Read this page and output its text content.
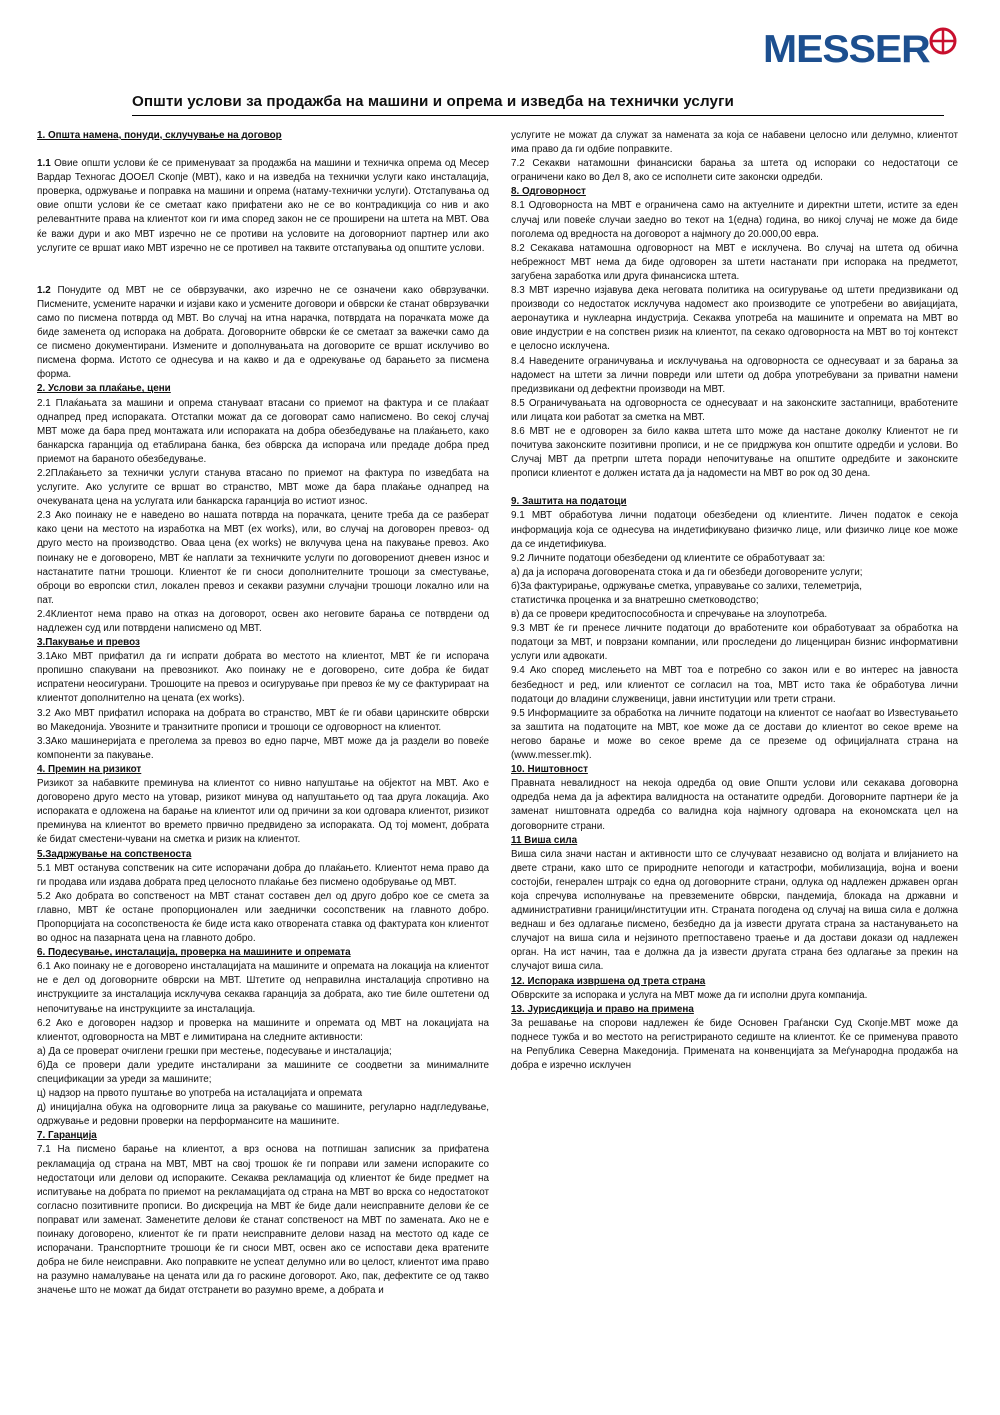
MESSER
Општи услови за продажба на машини и опрема и изведба на технички услуги

1. Општа намена, понуди, склучување на договор

1.1 Овие општи услови ќе се применуваат за продажба на машини и техничка опрема од Месер Вардар Техногас ДООЕЛ Скопје (МВТ), како и на изведба на технички услуги како инсталација, проверка, одржување и поправка на машини и опрема (натаму-технички услуги). Отстапувања од овие општи услови ќе се сметаат како прифатени ако не се во контрадикција со нив и ако релевантните права на клиентот кои ги има според закон не се проширени на штета на МВТ. Ова ќе важи дури и ако МВТ изречно не се противи на условите на договорниот партнер или ако услугите се вршат иако МВТ изречно не се противел на таквите отстапувања од општите услови.

1.2 Понудите од МВТ не се обврзувачки, ако изречно не се означени како обврзувачки. Писмените, усмените нарачки и изјави како и усмените договори и обврски ќе станат обврзувачки само по писмена потврда од МВТ. Во случај на итна нарачка, потврдата на порачката може да биде заменета од испорака на добрата. Договорните обврски ќе се сметаат за важечки само да се писмено документирани. Измените и дополнувањата на договорите се вршат исклучиво во писмена форма. Истото се однесува и на какво и да е одрекување од барањето за писмена форма.

2. Услови за плаќање, цени

2.1 Плаќањата за машини и опрема стануваат втасани со приемот на фактура и се плаќаат однапред пред испораката. Отстапки можат да се договорат само написмено. Во секој случај МВТ може да бара пред монтажата или испораката на добра обезбедување на плаќањето, како банкарска гаранција од етаблирана банка, без обврска да испорача или предаде добра пред приемот на бараното обезбедување.

2.2Плаќањето за технички услуги станува втасано по приемот на фактура по изведбата на услугите. Ако услугите се вршат во странство, МВТ може да бара плаќање однапред на очекуваната цена на услугата или банкарска гаранција во истиот износ.

2.3 Ако поинаку не е наведено во нашата потврда на порачката, цените треба да се разберат како цени на местото на изработка на МВТ (ex works), или, во случај на договорен превоз- од друго место на производство. Оваа цена (ex works) не вклучува цена на пакување превоз. Ако поинаку не е договорено, МВТ ќе наплати за техничките услуги по договорениот дневен износ и настанатите патни трошоци. Клиентот ќе ги сноси дополнителните трошоци за сместување, оброци во европски стил, локален превоз и секакви разумни случајни трошоци локално или на пат.

2.4Клиентот нема право на отказ на договорот, освен ако неговите барања се потврдени од надлежен суд или потврдени написмено од МВТ.

3.Пакување и превоз

3.1Ако МВТ прифатил да ги испрати добрата во местото на клиентот, МВТ ќе ги испорача пропишно спакувани на превозникот. Ако поинаку не е договорено, сите добра ќе бидат испратени неосигурани. Трошоците на превоз и осигурување при превоз ќе му се фактурираат на клиентот дополнително на цената (ex works).

3.2 Ако МВТ прифатил испорака на добрата во странство, МВТ ќе ги обави царинските обврски во Македонија. Увозните и транзитните прописи и трошоци се одговорност на клиентот.

3.3Ако машинеријата е преголема за превоз во едно парче, МВТ може да ја раздели во повеќе компоненти за пакување.

4. Премин на ризикот

Ризикот за набавките преминува на клиентот со нивно напуштање на објектот на МВТ. Ако е договорено друго место на утовар, ризикот минува од напуштањето од таа друга локација. Ако испораката е одложена на барање на клиентот или од причини за кои одговара клиентот, ризикот преминува на клиентот во времето првично предвидено за испораката. Од тој момент, добрата ќе бидат сместени-чувани на сметка и ризик на клиентот.

5.Задржување на сопственоста

5.1 МВТ останува сопственик на сите испорачани добра до плаќањето. Клиентот нема право да ги продава или издава добрата пред целосното плаќање без писмено одобрување од МВТ.

5.2 Ако добрата во сопственост на МВТ станат составен дел од друго добро кое се смета за главно, МВТ ќе остане пропорционален или заеднички сосопственик на главното добро. Пропорцијата на сосопственоста ќе биде иста како отворената ставка од фактурата кон клиентот во однос на пазарната цена на главното добро.

6. Подесување, инсталација, проверка на машините и опремата

6.1 Ако поинаку не е договорено инсталацијата на машините и опремата на локација на клиентот не е дел од договорните обврски на МВТ. Штетите од неправилна инсталација спротивно на инструкциите за инсталација исклучува секаква гаранција за добрата, ако тие биле оштетени од непочитување на инструкциите за инсталација.

6.2 Ако е договорен надзор и проверка на машините и опремата од МВТ на локацијата на клиентот, одговорноста на МВТ е лимитирана на следните активности:

а) Да се проверат очиглени грешки при местење, подесување и инсталација;

б)Да се провери дали уредите инсталирани за машините се соодветни за минималните спецификации за уреди за машините;

ц) надзор на првото пуштање во употреба на исталацијата и опремата

д) иницијална обука на одговорните лица за ракување со машините, регуларно надгледување, одржување и редовни проверки на перформансите на машините.

7. Гаранција

7.1 На писмено барање на клиентот, а врз основа на потпишан записник за прифатена рекламација од страна на МВТ, МВТ на свој трошок ќе ги поправи или замени испораките со недостатоци или делови од испораките. Секаква рекламација од клиентот ќе биде предмет на испитување на добрата по приемот на рекламацијата од страна на МВТ во врска со недостатокот согласно позитивните прописи. Во дискреција на МВТ ќе биде дали неисправните делови ќе се поправат или заменат. Заменетите делови ќе станат сопственост на МВТ по замената. Ако не е поинаку договорено, клиентот ќе ги прати неисправните делови назад на местото од каде се испорачани. Транспортните трошоци ќе ги сноси МВТ, освен ако се испостави дека вратените добра не биле неисправни. Ако поправките не успеат делумно или во целост, клиентот има право на разумно намалување на цената или да го раскине договорот. Ако, пак, дефектите се од такво значење што не можат да бидат отстранети во разумно време, а добрата и

услугите не можат да служат за намената за која се набавени целосно или делумно, клиентот има право да ги одбие поправките.

7.2 Секакви натамошни финансиски барања за штета од испораки со недостатоци се ограничени како во Дел 8, ако се исполнети сите законски одредби.

8. Одговорност

8.1 Одговорноста на МВТ е ограничена само на актуелните и директни штети, истите за еден случај или повеќе случаи заедно во текот на 1(една) година, во никој случај не може да биде поголема од вредноста на договорот а најмногу до 20.000,00 евра.

8.2 Секакава натамошна одговорност на МВТ е исклучена. Во случај на штета од обична небрежност МВТ нема да биде одговорен за штети настанати при испорака на предметот, загубена заработка или друга финансиска штета.

8.3 МВТ изречно изјавува дека неговата политика на осигурување од штети предизвикани од производи со недостаток исклучува надомест ако производите се употребени во авијацијата, аеронаутика и нуклеарна индустрија. Секаква употреба на машините и опремата на МВТ во овие индустрии е на сопствен ризик на клиентот, па секако одговорноста на МВТ во тој контекст е целосно исклучена.

8.4 Наведените ограничувања и исклучувања на одговорноста се однесуваат и за барања за надомест на штети за лични повреди или штети од добра употребувани за приватни намени предизвикани од дефектни производи на МВТ.

8.5 Ограничувањата на одговорноста се однесуваат и на законските застапници, вработените или лицата кои работат за сметка на МВТ.

8.6 МВТ не е одговорен за било каква штета што може да настане доколку Клиентот не ги почитува законските позитивни прописи, и не се придржува кон општите одредби и услови. Во Случај МВТ да претрпи штета поради непочитување на општите одредбите и законските прописи клиентот е должен истата да ја надомести на МВТ во рок од 30 дена.

9. Заштита на податоци

9.1 МВТ обработува лични податоци обезбедени од клиентите. Личен податок е секоја информација која се однесува на индетификувано физичко лице, или физичко лице кое може да се индетификува.

9.2 Личните податоци обезбедени од клиентите се обработуваат за:

а) да ја испорача договорената стока и да ги обезбеди договорените услуги;

б)За фактурирање, одржување сметка, управување со залихи, телеметрија,

статистичка проценка и за внатрешно сметководство;

в) да се провери кредитоспособноста и спречување на злоупотреба.

9.3 МВТ ќе ги пренесе личните податоци до вработените кои обработуваат за обработка на податоци за МВТ, и поврзани компании, или проследени до лиценциран бизнис информативни услуги или адвокати.

9.4 Ако според мислењето на МВТ тоа е потребно со закон или е во интерес на јавноста безбедност и ред, или клиентот се согласил на тоа, МВТ исто така ќе обработува лични податоци до владини служвеници, јавни институции или трети страни.

9.5 Информациите за обработка на личните податоци на клиентот се наоѓаат во Известувањето за заштита на податоците на МВТ, кое може да се достави до клиентот во секое време на негово барање и може во секое време да се преземе од официјалната страна на (www.messer.mk).

10. Ништовност

Правната невалидност на некоја одредба од овие Општи услови или секакава договорна одредба нема да ја афектира валидноста на останатите одредби. Договорните партнери ќе ја заменат ништовната одредба со валидна која најмногу одговара на економската цел на договорните страни.

11 Виша сила

Виша сила значи настан и активности што се случуваат независно од волјата и влијанието на двете страни, како што се природните непогоди и катастрофи, мобилизација, војна и воени состојби, генерален штрајк со една од договорните страни, одлука од надлежен државен орган која спречува исполнување на превземените обврски, пандемија, блокада на државни и административни граници/институции итн. Страната погодена од случај на виша сила е должна веднаш и без одлагање писмено, безбедно да ја извести другата страна за настанувањето на случајот на виша сила и нејзиното претпоставено траење и да достави докази од надлежен орган. На ист начин, таа е должна да ја извести другата страна без одлагање за прекин на случајот виша сила.

12. Испорака извршена од трета страна

Обврските за испорака и услуга на МВТ може да ги исполни друга компанија.

13. Јурисдикција и право на примена

За решавање на спорови надлежен ќе биде Основен Граѓански Суд Скопје.МВТ може да поднесе тужба и во местото на регистрираното седиште на клиентот. Ќе се применува правото на Република Северна Македонија. Примената на конвенцијата за Меѓународна продажба на добра е изречно исклучен
